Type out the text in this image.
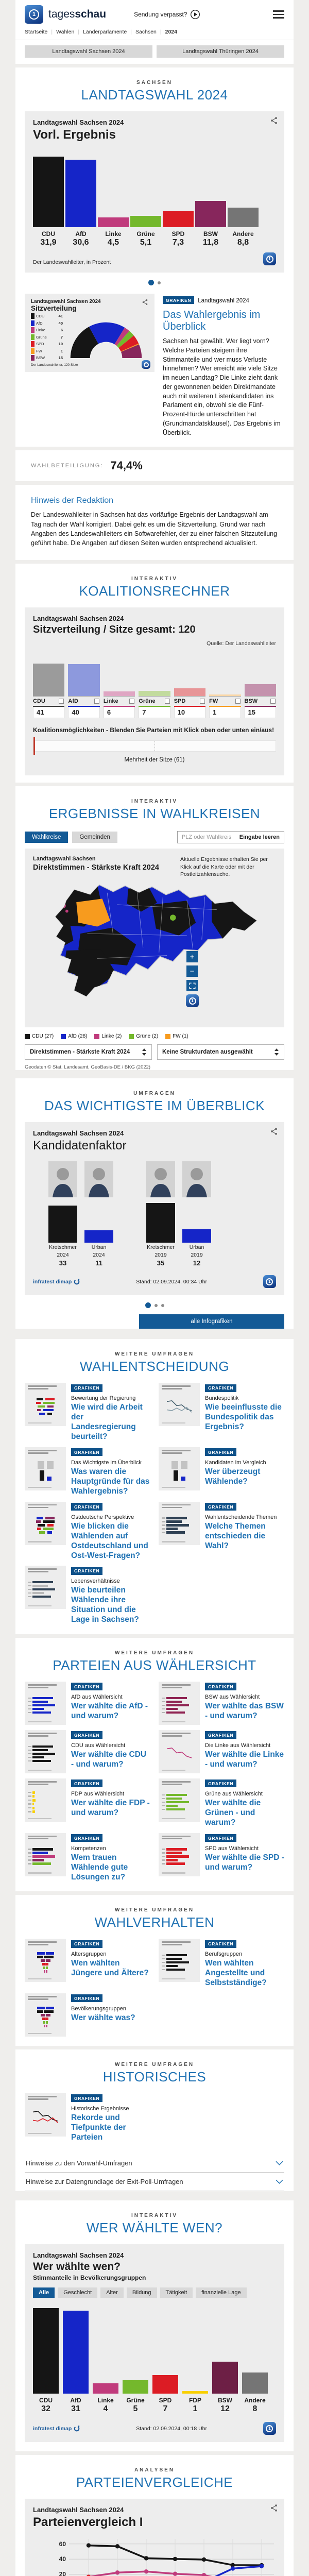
1	tagesschau	Sendung verpasst?
Startseite | Wahlen | Länderparlamente | Sachsen | 2024
Landtagswahl Sachsen 2024	Landtagswahl Thüringen 2024
SACHSEN
LANDTAGSWAHL 2024
Landtagswahl Sachsen 2024
Vorl. Ergebnis
CDU
31,9
AfD
30,6
Linke
4,5
Grüne
5,1
SPD
7,3
BSW
11,8
Andere
8,8
Der Landeswahlleiter, in Prozent
1
Landtagswahl Sachsen 2024
Sitzverteilung
CDU	41
AfD	40
Linke	6
Grüne	7
SPD	10
FW	1
BSW	15
Der Landeswahlleiter, 120 Sitze	1
GRAFIKEN Landtagswahl 2024
Das Wahlergebnis im Überblick

Sachsen hat gewählt. Wer liegt vorn? Welche Parteien steigern ihre Stimmanteile und wer muss Verluste hinnehmen? Wer erreicht wie viele Sitze im neuen Landtag? Die Linke zieht dank der gewonnenen beiden Direktmandate auch mit weiteren Listenkandidaten ins Parlament ein, obwohl sie die Fünf-Prozent-Hürde unterschritten hat (Grundmandatsklausel). Das Ergebnis im Überblick.

WAHLBETEILIGUNG: 74,4%
Hinweis der Redaktion

Der Landeswahlleiter in Sachsen hat das vorläufige Ergebnis der Landtagswahl am Tag nach der Wahl korrigiert. Dabei geht es um die Sitzverteilung. Grund war nach Angaben des Landeswahlleiters ein Softwarefehler, der zu einer falschen Sitzzuteilung geführt habe. Die Angaben auf diesen Seiten wurden entsprechend aktualisiert.

INTERAKTIV
KOALITIONSRECHNER
Landtagswahl Sachsen 2024
Sitzverteilung / Sitze gesamt: 120
Quelle: Der Landeswahlleiter
CDU
41
AfD
40
Linke
6
Grüne
7
SPD
10
FW
1
BSW
15
Koalitionsmöglichkeiten - Blenden Sie Parteien mit Klick oben oder unten ein/aus!
Mehrheit der Sitze (61)
INTERAKTIV
ERGEBNISSE IN WAHLKREISEN
Wahlkreise	Gemeinden	PLZ oder Wahlkreis Eingabe leeren
Landtagswahl Sachsen
Direktstimmen - Stärkste Kraft 2024
Aktuelle Ergebnisse erhalten Sie per Klick auf die Karte oder mit der Postleitzahlensuche.
+
−
1
CDU (27)	AfD (28)	Linke (2)	Grüne (2)	FW (1)
Direktstimmen - Stärkste Kraft 2024	Keine Strukturdaten ausgewählt
Geodaten © Stat. Landesamt, GeoBasis-DE / BKG (2022)
UMFRAGEN
DAS WICHTIGSTE IM ÜBERBLICK
Landtagswahl Sachsen 2024
Kandidatenfaktor
Kretschmer
2024
33
Urban
2024
11
Kretschmer
2019
35
Urban
2019
12
infratest dimap	Stand: 02.09.2024, 00:34 Uhr	1
alle Infografiken
WEITERE UMFRAGEN
WAHLENTSCHEIDUNG
GRAFIKEN
Bewertung der Regierung
Wie wird die Arbeit der Landesregierung beurteilt?
GRAFIKEN
Bundespolitik
Wie beeinflusste die Bundespolitik das Ergebnis?
GRAFIKEN
Das Wichtigste im Überblick
Was waren die Hauptgründe für das Wahlergebnis?
GRAFIKEN
Kandidaten im Vergleich
Wer überzeugt Wählende?
GRAFIKEN
Ostdeutsche Perspektive
Wie blicken die Wählenden auf Ostdeutschland und Ost-West-Fragen?
GRAFIKEN
Wahlentscheidende Themen
Welche Themen entschieden die Wahl?
GRAFIKEN
Lebensverhältnisse
Wie beurteilen Wählende ihre Situation und die Lage in Sachsen?
WEITERE UMFRAGEN
PARTEIEN AUS WÄHLERSICHT
GRAFIKEN
AfD aus Wählersicht
Wer wählte die AfD - und warum?
GRAFIKEN
BSW aus Wählersicht
Wer wählte das BSW - und warum?
GRAFIKEN
CDU aus Wählersicht
Wer wählte die CDU - und warum?
GRAFIKEN
Die Linke aus Wählersicht
Wer wählte die Linke - und warum?
GRAFIKEN
FDP aus Wählersicht
Wer wählte die FDP - und warum?
GRAFIKEN
Grüne aus Wählersicht
Wer wählte die Grünen - und warum?
GRAFIKEN
Kompetenzen
Wem trauen Wählende gute Lösungen zu?
GRAFIKEN
SPD aus Wählersicht
Wer wählte die SPD - und warum?
WEITERE UMFRAGEN
WAHLVERHALTEN
GRAFIKEN
Altersgruppen
Wen wählten Jüngere und Ältere?
GRAFIKEN
Berufsgruppen
Wen wählten Angestellte und Selbstständige?
GRAFIKEN
Bevölkerungsgruppen
Wer wählte was?
WEITERE UMFRAGEN
HISTORISCHES
GRAFIKEN
Historische Ergebnisse
Rekorde und Tiefpunkte der Parteien
Hinweise zu den Vorwahl-Umfragen
Hinweise zur Datengrundlage der Exit-Poll-Umfragen
INTERAKTIV
WER WÄHLTE WEN?
Landtagswahl Sachsen 2024
Wer wählte wen?
Stimmanteile in Bevölkerungsgruppen
Alle	Geschlecht	Alter	Bildung	Tätigkeit	finanzielle Lage
CDU
32
AfD
31
Linke
4
Grüne
5
SPD
7
FDP
1
BSW
12
Andere
8
infratest dimap	Stand: 02.09.2024, 00:18 Uhr	1
ANALYSEN
PARTEIENVERGLEICHE
Landtagswahl Sachsen 2024
Parteienvergleich I
20
40
60
